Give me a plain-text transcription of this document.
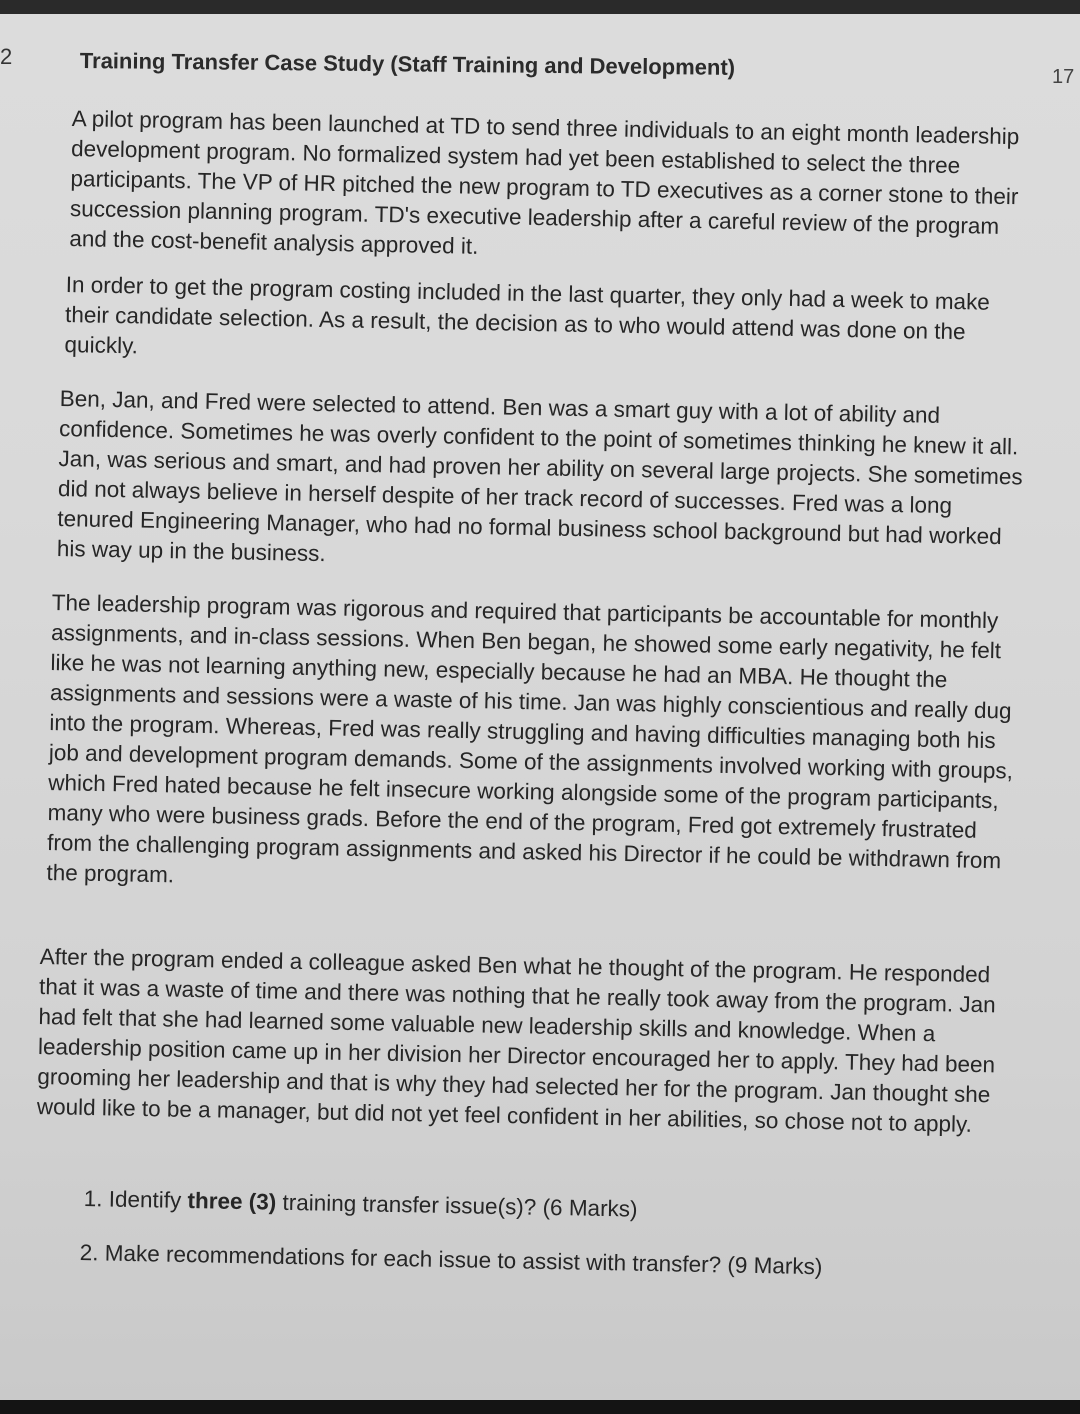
2
17
Training Transfer Case Study (Staff Training and Development)

A pilot program has been launched at TD to send three individuals to an eight month leadership development program. No formalized system had yet been established to select the three participants. The VP of HR pitched the new program to TD executives as a corner stone to their succession planning program. TD's executive leadership after a careful review of the program and the cost-benefit analysis approved it.

In order to get the program costing included in the last quarter, they only had a week to make their candidate selection. As a result, the decision as to who would attend was done on the quickly.

Ben, Jan, and Fred were selected to attend. Ben was a smart guy with a lot of ability and confidence. Sometimes he was overly confident to the point of sometimes thinking he knew it all. Jan, was serious and smart, and had proven her ability on several large projects. She sometimes did not always believe in herself despite of her track record of successes. Fred was a long tenured Engineering Manager, who had no formal business school background but had worked his way up in the business.

The leadership program was rigorous and required that participants be accountable for monthly assignments, and in-class sessions. When Ben began, he showed some early negativity, he felt like he was not learning anything new, especially because he had an MBA. He thought the assignments and sessions were a waste of his time. Jan was highly conscientious and really dug into the program. Whereas, Fred was really struggling and having difficulties managing both his job and development program demands. Some of the assignments involved working with groups, which Fred hated because he felt insecure working alongside some of the program participants, many who were business grads. Before the end of the program, Fred got extremely frustrated from the challenging program assignments and asked his Director if he could be withdrawn from the program.

After the program ended a colleague asked Ben what he thought of the program. He responded that it was a waste of time and there was nothing that he really took away from the program. Jan had felt that she had learned some valuable new leadership skills and knowledge. When a leadership position came up in her division her Director encouraged her to apply. They had been grooming her leadership and that is why they had selected her for the program. Jan thought she would like to be a manager, but did not yet feel confident in her abilities, so chose not to apply.

1. Identify three (3) training transfer issue(s)? (6 Marks)

2. Make recommendations for each issue to assist with transfer? (9 Marks)
